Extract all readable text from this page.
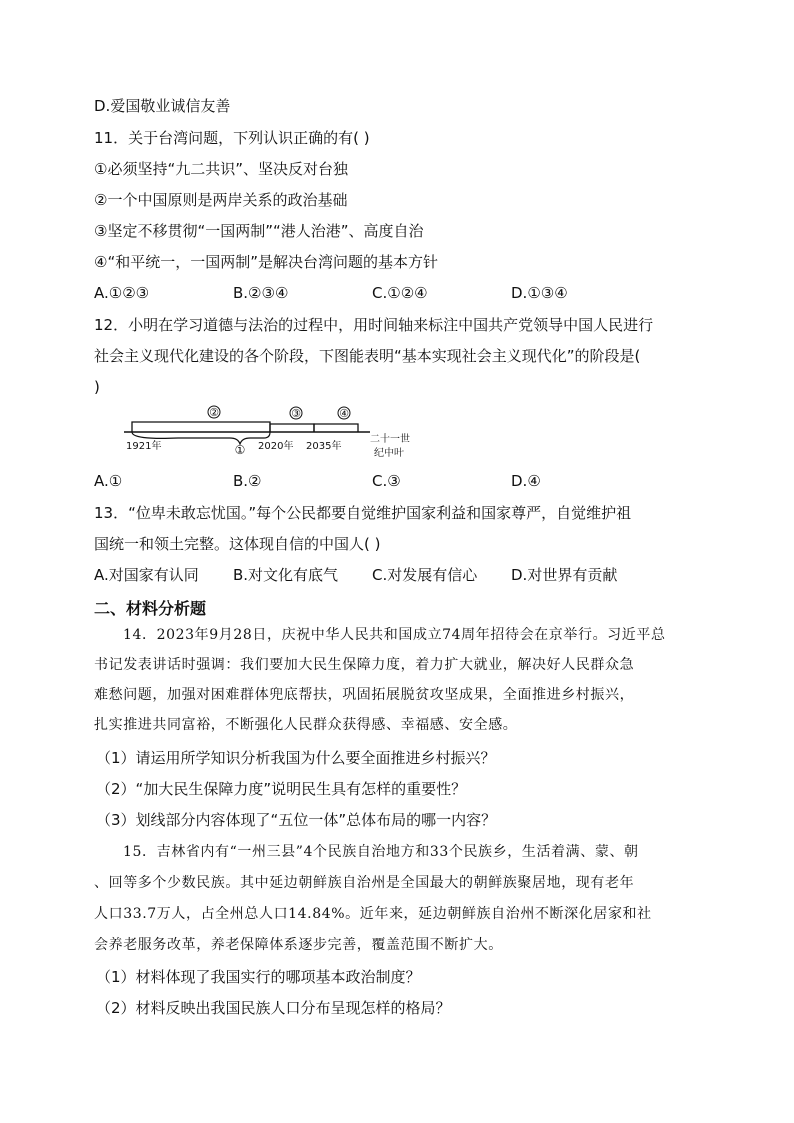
D.爱国敬业诚信友善
11．关于台湾问题，下列认识正确的有( )
①必须坚持“九二共识”、坚决反对台独
②一个中国原则是两岸关系的政治基础
③坚定不移贯彻“一国两制”“港人治港”、高度自治
④“和平统一，一国两制”是解决台湾问题的基本方针
A.①②③	B.②③④	C.①②④	D.①③④
12．小明在学习道德与法治的过程中，用时间轴来标注中国共产党领导中国人民进行
社会主义现代化建设的各个阶段，下图能表明“基本实现社会主义现代化”的阶段是(
)
②	③	④
①
1921年	2020年 2035年
二十一世
纪中叶
A.①	B.②	C.③	D.④
13．“位卑未敢忘忧国。”每个公民都要自觉维护国家利益和国家尊严，自觉维护祖
国统一和领土完整。这体现自信的中国人( )
A.对国家有认同 B.对文化有底气 C.对发展有信心 D.对世界有贡献
二、材料分析题
14．2023年9月28日，庆祝中华人民共和国成立74周年招待会在京举行。习近平总
书记发表讲话时强调：我们要加大民生保障力度，着力扩大就业，解决好人民群众急
难愁问题，加强对困难群体兜底帮扶，巩固拓展脱贫攻坚成果，全面推进乡村振兴，
扎实推进共同富裕，不断强化人民群众获得感、幸福感、安全感。
（1）请运用所学知识分析我国为什么要全面推进乡村振兴？
（2）“加大民生保障力度”说明民生具有怎样的重要性？
（3）划线部分内容体现了“五位一体”总体布局的哪一内容？
15．吉林省内有“一州三县”4个民族自治地方和33个民族乡，生活着满、蒙、朝
、回等多个少数民族。其中延边朝鲜族自治州是全国最大的朝鲜族聚居地，现有老年
人口33.7万人，占全州总人口14.84%。近年来，延边朝鲜族自治州不断深化居家和社
会养老服务改革，养老保障体系逐步完善，覆盖范围不断扩大。
（1）材料体现了我国实行的哪项基本政治制度？
（2）材料反映出我国民族人口分布呈现怎样的格局？
